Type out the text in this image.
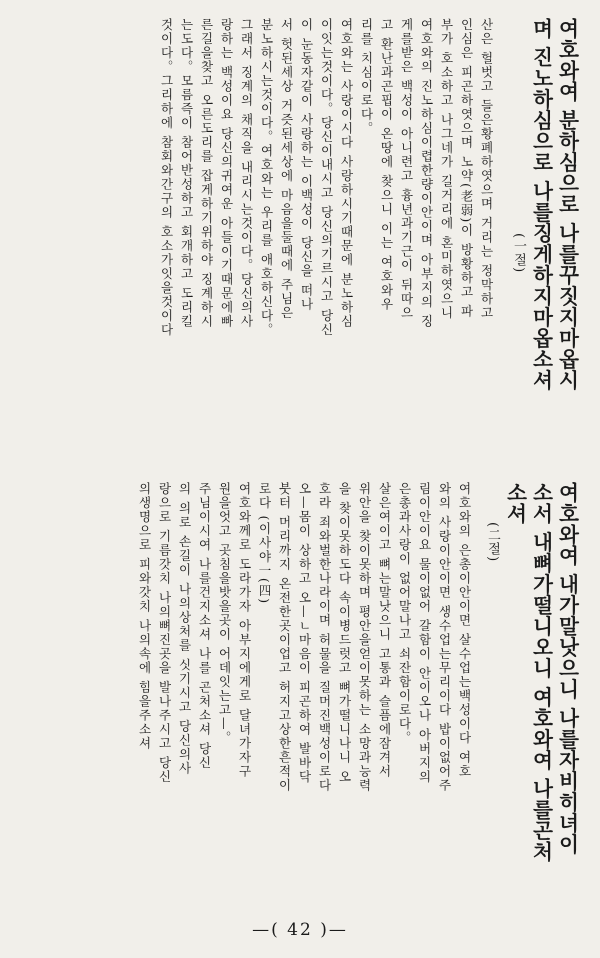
여호와여 분하심으로 나를꾸짓지마옵시
며 진노하심으로 나를징게하지마옵소셔
(一절)
산은 헐벗고 들은황폐하엿으며 거리는 정막하고
인심은 피곤하엿으며 노약(老弱)이 방황하고 파
부가 호소하고 나그네가 길거리에 혼미하엿으니
여호와의 진노하심이렵한량이안이며 아부지의 징
게를받은 백성이 아니련고 흉년과기근이 뒤따으
고 환난과곤핍이 온땅에 찾으니 이는 여호와우
리를 치심이로다。
여호와는 사랑이시다 사랑하시기때문에 분노하심
이잇는것이다。당신이내시고 당신의기르시고 당신
이 눈동자같이 사랑하는 이백성이 당신을 떠나
서 헛된세상 거즛된세상에 마음을둘때에 주님은
분노하시는것이다。여호와는 우리를 애호하신다。
그래서 징계의 채직을 내리시는것이다。당신의사
랑하는 백성이요 당신의귀여운 아들이기때문에빠
른길을찾고 오른도리를 잡게하기위하야 징계하시
는도다。모름즉이 참어반성하고 회개하고 도리킬
것이다。그리하에 참회와간구의 호소가잇을것이다
여호와여 내가말낫으니 나를자비히녀이
소서 내뼈가떨니오니 여호와여 나를곤처
소셔
(二절)
여호와의 은총이안이면 살수업는백성이다 여호
와의 사랑이안이면 생수업는무리이다 밥이없어주
림이안이요 물이없어 갈함이 안이오나 아버지의
은총과사랑이 없어말나고 쇠잔함이로다。
살은여이고 뼈는말낫으니 고통과 슬픔에잠겨서
위안을 찾이못하며 평안을얻이못하는 소망과능력
을 찾이못하도다 속이병드럿고 뼈가떨니나니 오
호라 죄와벌한나라이며 허물을 질머진백성이로다
오—몸이 상하고 오—ㄴ마음이 피곤하여 발바닥
붓터 머리까지 온전한곳이업고 허지고상한흔적이
로다 (이사야一(四)
여호와께로 도라가자 아부지에게로 달녀가자구
원을엇고 곳침을밧을곳이 어데잇는고—。
주님이시여 나를건지소셔 나를 곤처소셔 당신
의 의로 손길이 나의상처를 싯기시고 당신의사
랑으로 기름갓치 나의뼈진곳을 발나주시고 당신
의생명으로 피와갓치 나의속에 힘을주소셔
—( 42 )—
